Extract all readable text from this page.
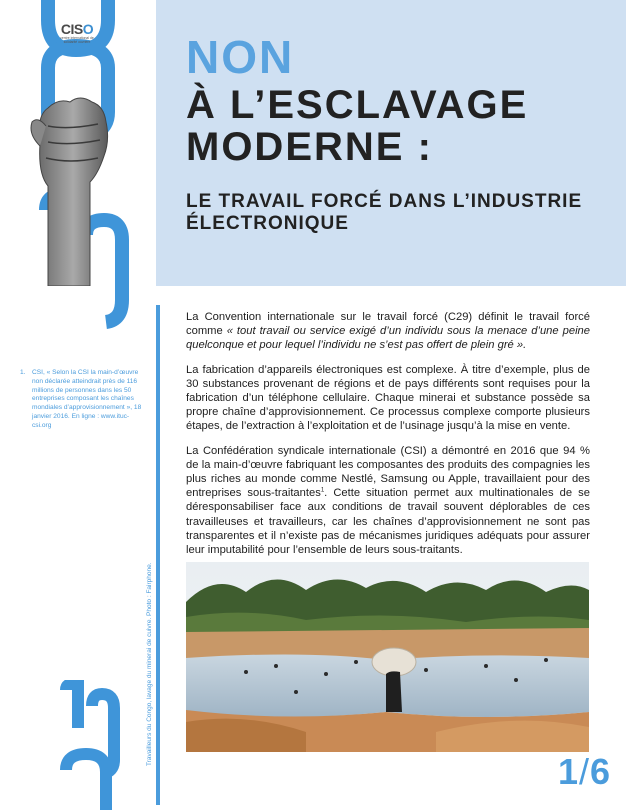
CISO
centre international de solidarité ouvrière NON
À L’ESCLAVAGE MODERNE :
LE TRAVAIL FORCÉ DANS L’INDUSTRIE ÉLECTRONIQUE
1. CSI, « Selon la CSI la main-d’œuvre non déclarée atteindrait près de 116 millions de personnes dans les 50 entreprises composant les chaînes mondiales d’approvisionnement », 18 janvier 2016. En ligne : www.ituc-csi.org

La Convention internationale sur le travail forcé (C29) définit le travail forcé comme « tout travail ou service exigé d’un individu sous la menace d’une peine quelconque et pour lequel l’individu ne s’est pas offert de plein gré ».

La fabrication d’appareils électroniques est complexe. À titre d’exemple, plus de 30 substances provenant de régions et de pays différents sont requises pour la fabrication d’un téléphone cellulaire. Chaque minerai et substance possède sa propre chaîne d’approvisionnement. Ce processus complexe comporte plusieurs étapes, de l’extraction à l’exploitation et de l’usinage jusqu’à la mise en vente.

La Confédération syndicale internationale (CSI) a démontré en 2016 que 94 % de la main-d’œuvre fabriquant les composantes des produits des compagnies les plus riches au monde comme Nestlé, Samsung ou Apple, travaillaient pour des entreprises sous-traitantes$^1$. Cette situation permet aux multinationales de se déresponsabiliser face aux conditions de travail souvent déplorables de ces travailleuses et travailleurs, car les chaînes d’approvisionnement ne sont pas transparentes et il n’existe pas de mécanismes juridiques adéquats pour assurer leur imputabilité pour l’ensemble de leurs sous-traitants.

Travailleurs du Congo, lavage du minerai de cuivre. Photo : Fairphone.
1/6
